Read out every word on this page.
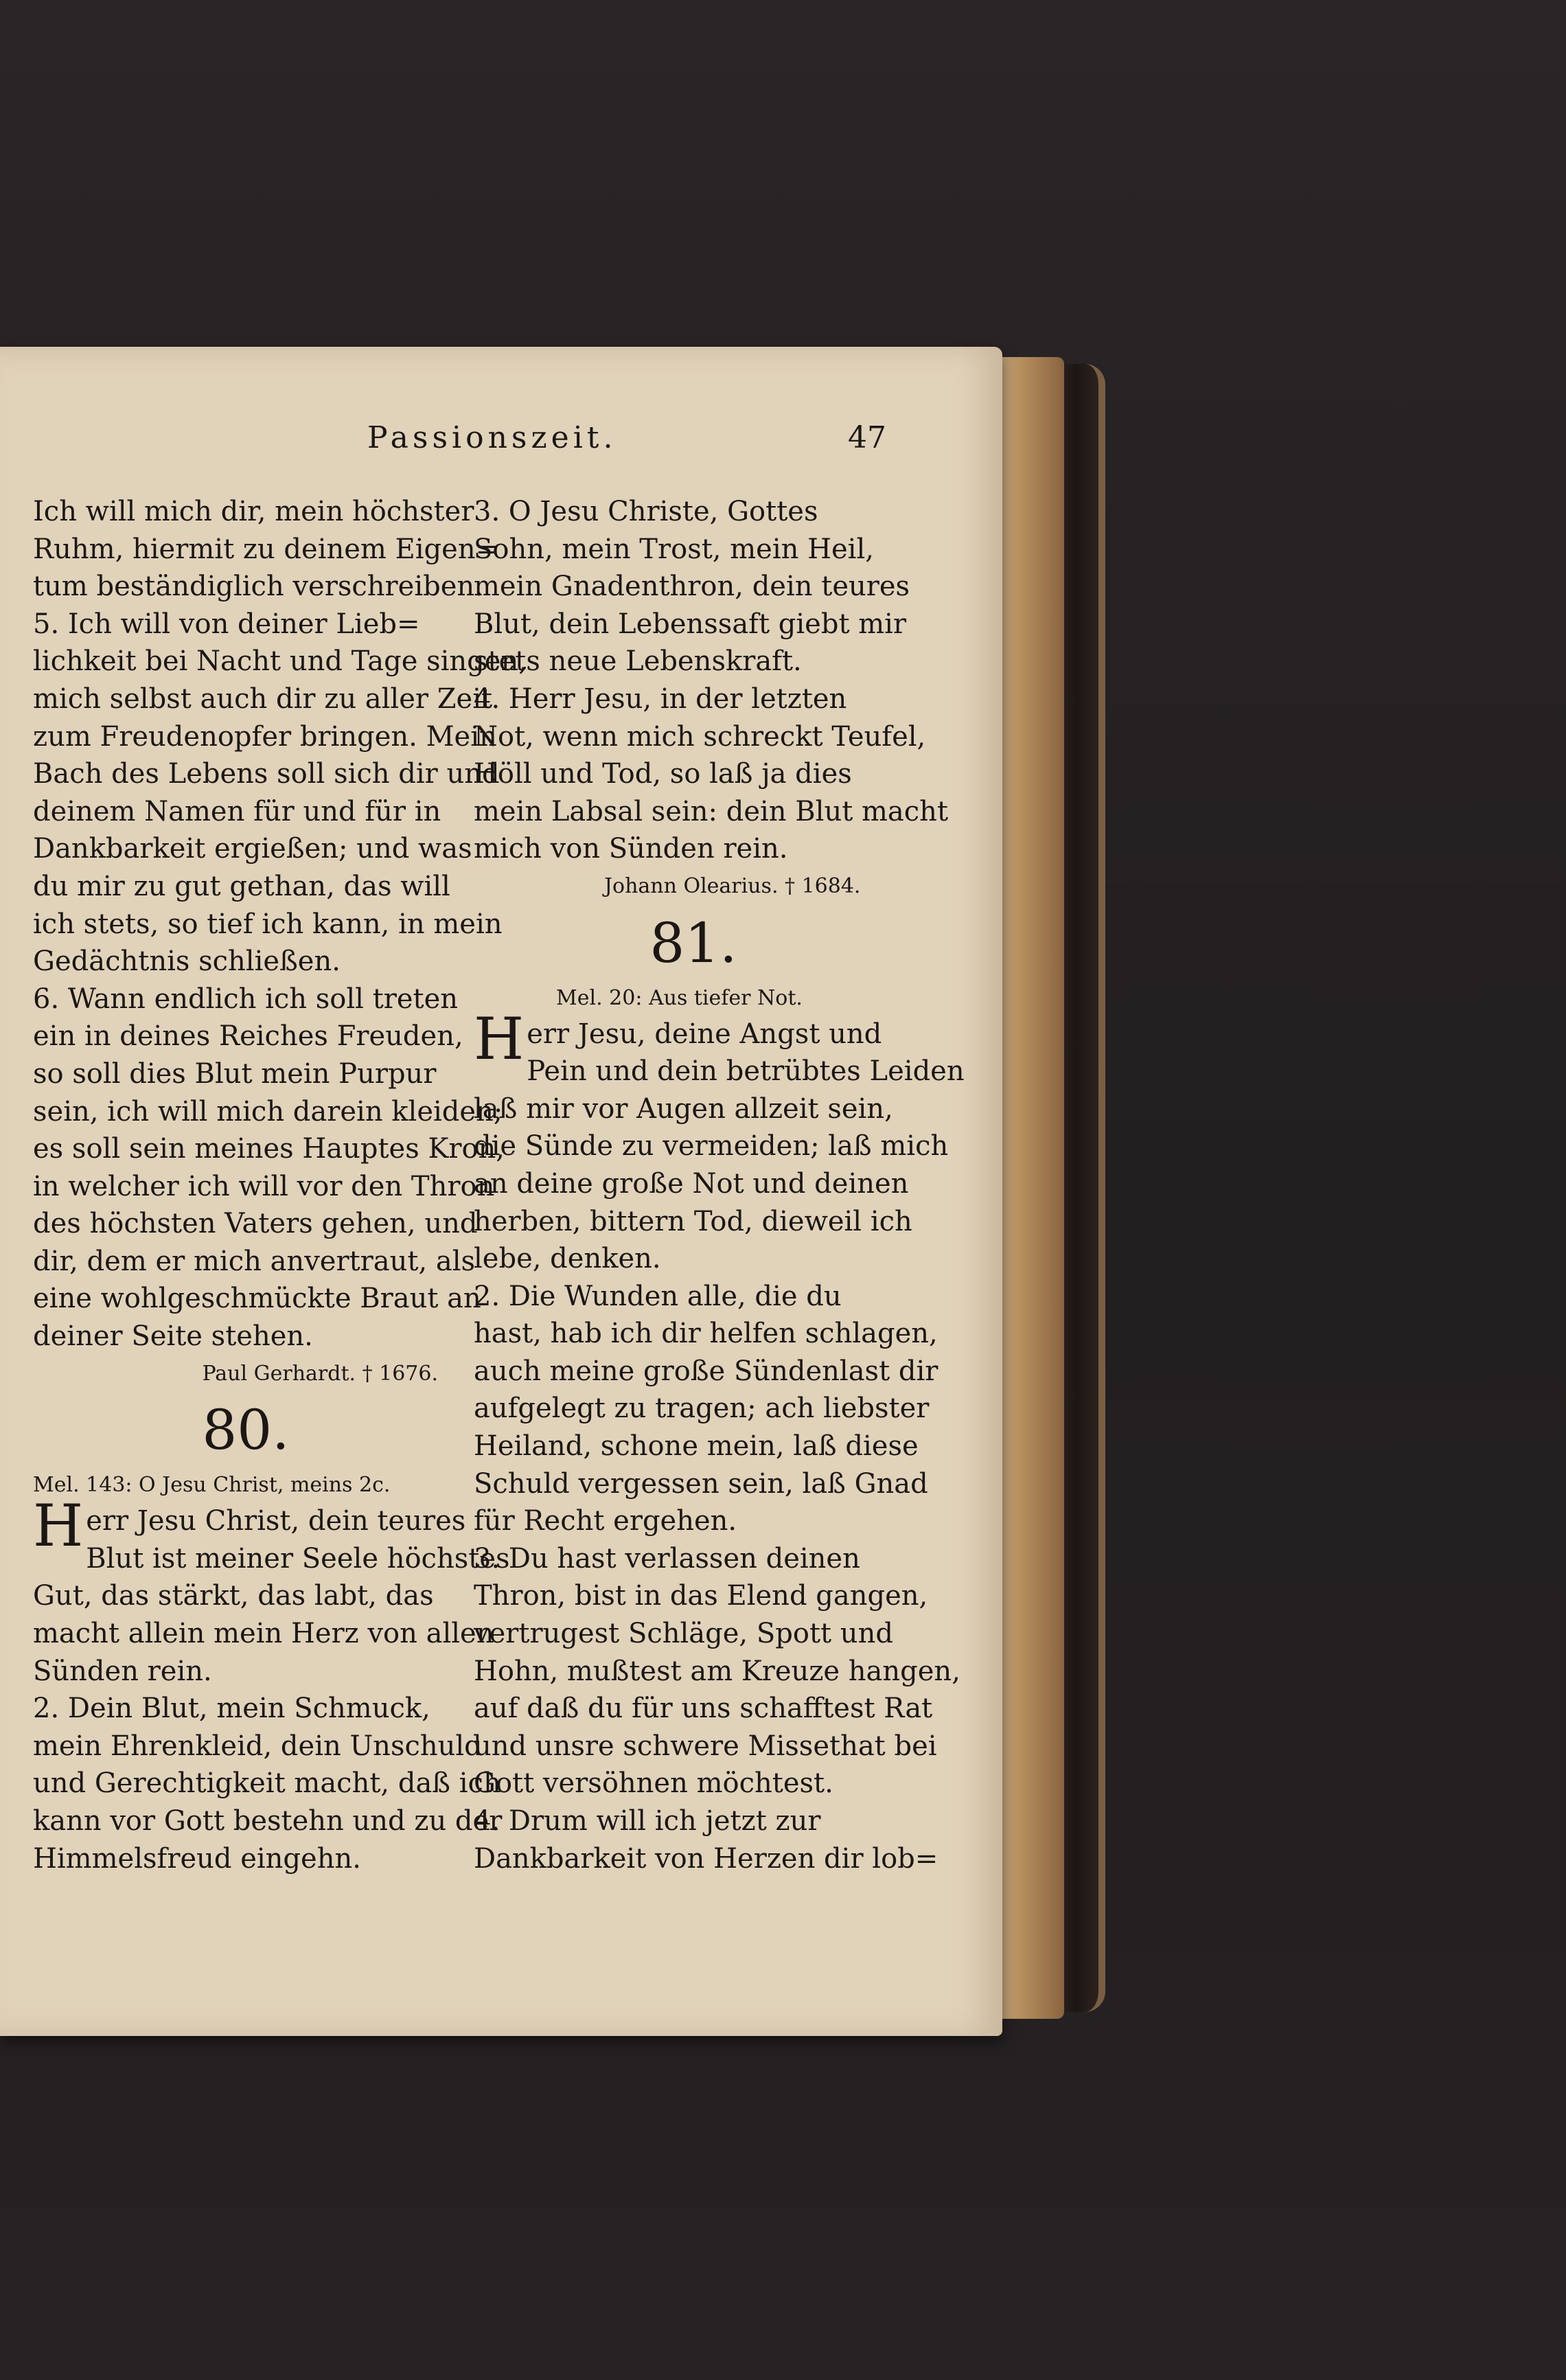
Passionszeit.	47

Ich will mich dir, mein höchster

Ruhm, hiermit zu deinem Eigen=

tum beständiglich verschreiben.

5. Ich will von deiner Lieb=

lichkeit bei Nacht und Tage singen,

mich selbst auch dir zu aller Zeit

zum Freudenopfer bringen. Mein

Bach des Lebens soll sich dir und

deinem Namen für und für in

Dankbarkeit ergießen; und was

du mir zu gut gethan, das will

ich stets, so tief ich kann, in mein

Gedächtnis schließen.

6. Wann endlich ich soll treten

ein in deines Reiches Freuden,

so soll dies Blut mein Purpur

sein, ich will mich darein kleiden;

es soll sein meines Hauptes Kron,

in welcher ich will vor den Thron

des höchsten Vaters gehen, und

dir, dem er mich anvertraut, als

eine wohlgeschmückte Braut an

deiner Seite stehen.

Paul Gerhardt. † 1676.

80.

Mel. 143: O Jesu Christ, meins 2c.

H err Jesu Christ, dein teures

Blut ist meiner Seele höchstes

Gut, das stärkt, das labt, das

macht allein mein Herz von allen

Sünden rein.

2. Dein Blut, mein Schmuck,

mein Ehrenkleid, dein Unschuld

und Gerechtigkeit macht, daß ich

kann vor Gott bestehn und zu der

Himmelsfreud eingehn.

3. O Jesu Christe, Gottes

Sohn, mein Trost, mein Heil,

mein Gnadenthron, dein teures

Blut, dein Lebenssaft giebt mir

stets neue Lebenskraft.

4. Herr Jesu, in der letzten

Not, wenn mich schreckt Teufel,

Höll und Tod, so laß ja dies

mein Labsal sein: dein Blut macht

mich von Sünden rein.

Johann Olearius. † 1684.

81.

Mel. 20: Aus tiefer Not.

H err Jesu, deine Angst und

Pein und dein betrübtes Leiden

laß mir vor Augen allzeit sein,

die Sünde zu vermeiden; laß mich

an deine große Not und deinen

herben, bittern Tod, dieweil ich

lebe, denken.

2. Die Wunden alle, die du

hast, hab ich dir helfen schlagen,

auch meine große Sündenlast dir

aufgelegt zu tragen; ach liebster

Heiland, schone mein, laß diese

Schuld vergessen sein, laß Gnad

für Recht ergehen.

3. Du hast verlassen deinen

Thron, bist in das Elend gangen,

vertrugest Schläge, Spott und

Hohn, mußtest am Kreuze hangen,

auf daß du für uns schafftest Rat

und unsre schwere Missethat bei

Gott versöhnen möchtest.

4. Drum will ich jetzt zur

Dankbarkeit von Herzen dir lob=
